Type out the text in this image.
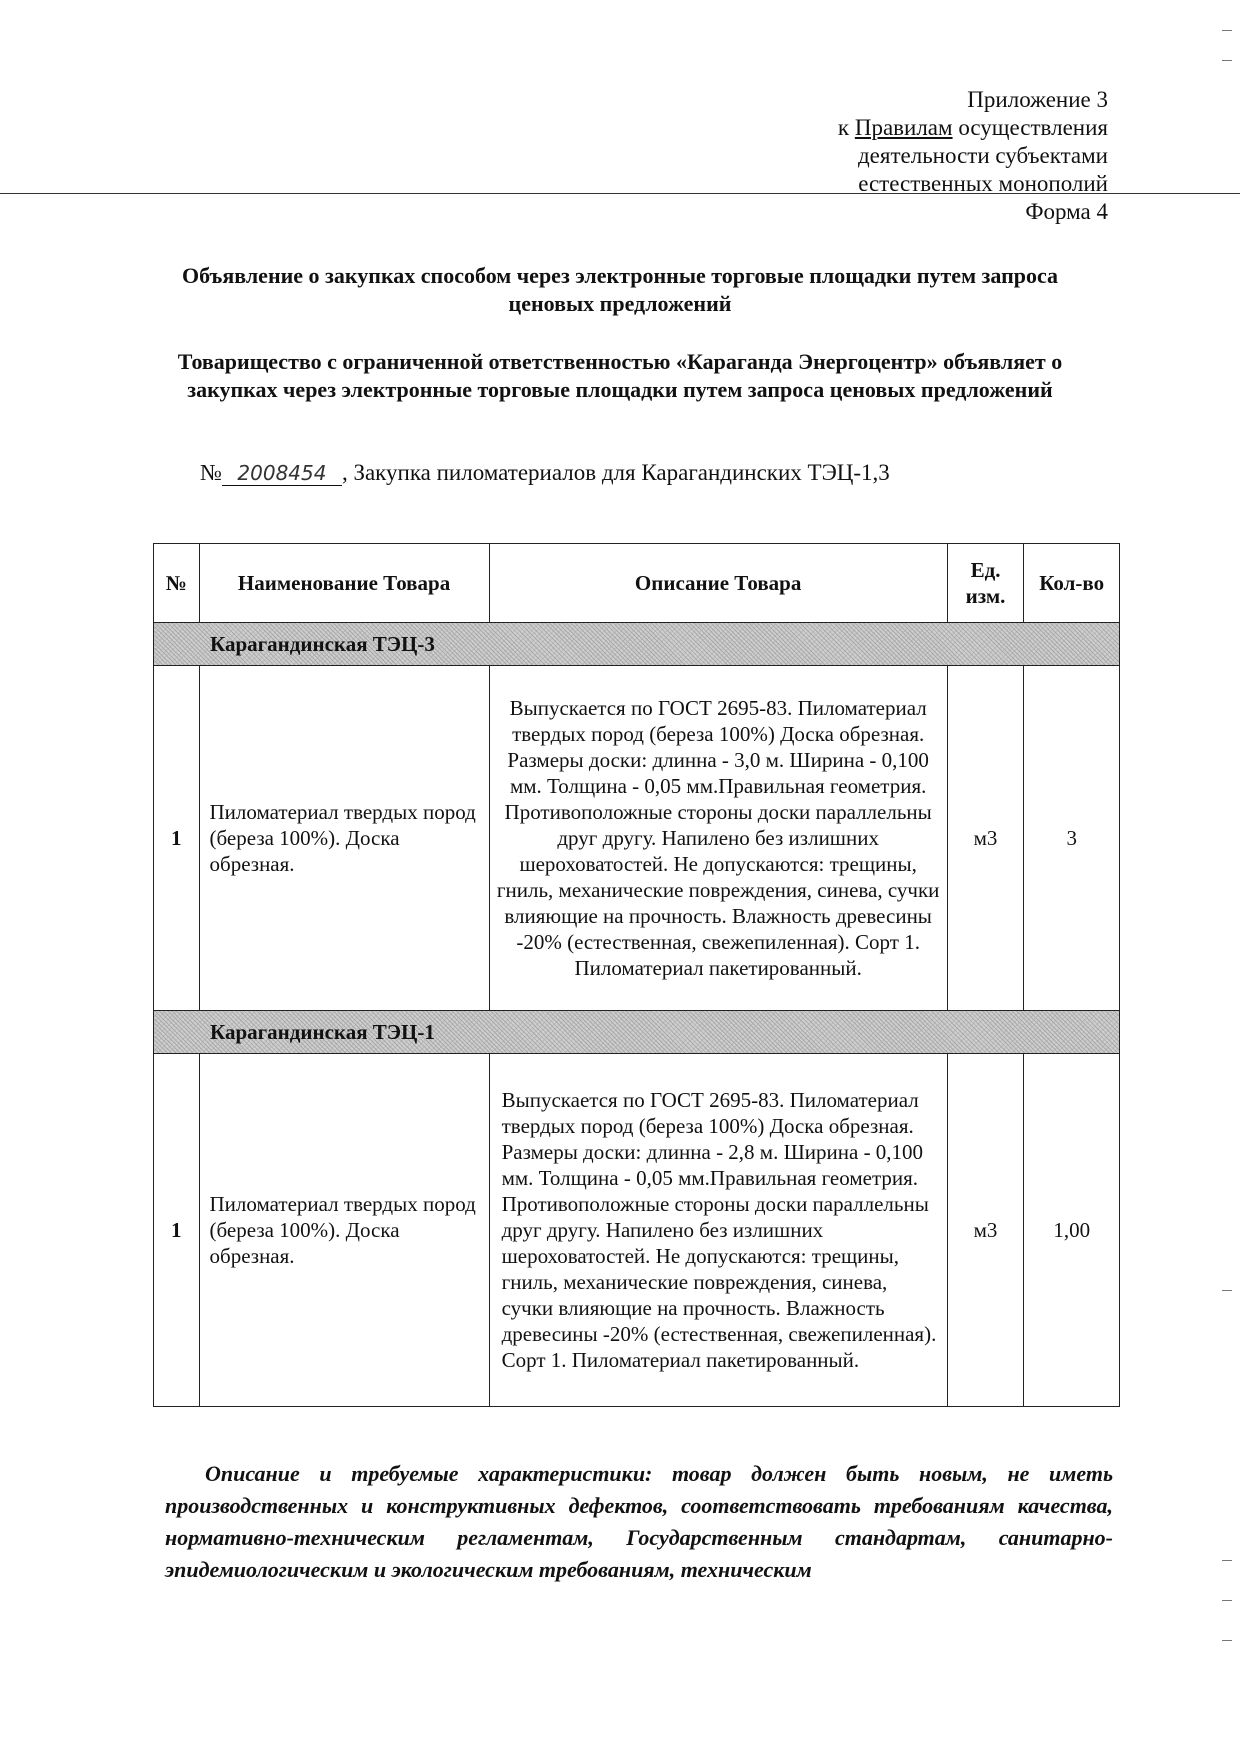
Приложение 3
к Правилам осуществления
деятельности субъектами
естественных монополий
Форма 4
Объявление о закупках способом через электронные торговые площадки путем запроса ценовых предложений
Товарищество с ограниченной ответственностью «Караганда Энергоцентр» объявляет о закупках через электронные торговые площадки путем запроса ценовых предложений
№ 2008454 , Закупка пиломатериалов для Карагандинских ТЭЦ-1,3
№	Наименование Товара	Описание Товара	Ед. изм.	Кол-во
Карагандинская ТЭЦ-3				
1	Пиломатериал твердых пород (береза 100%). Доска обрезная.	Выпускается по ГОСТ 2695-83. Пиломатериал твердых пород (береза 100%) Доска обрезная. Размеры доски: длинна - 3,0 м. Ширина - 0,100 мм. Толщина - 0,05 мм.Правильная геометрия. Противоположные стороны доски параллельны друг другу. Напилено без излишних шероховатостей. Не допускаются: трещины, гниль, механические повреждения, синева, сучки влияющие на прочность. Влажность древесины -20% (естественная, свежепиленная). Сорт 1. Пиломатериал пакетированный.	м3	3
Карагандинская ТЭЦ-1				
1	Пиломатериал твердых пород (береза 100%). Доска обрезная.	Выпускается по ГОСТ 2695-83. Пиломатериал твердых пород (береза 100%) Доска обрезная. Размеры доски: длинна - 2,8 м. Ширина - 0,100 мм. Толщина - 0,05 мм.Правильная геометрия. Противоположные стороны доски параллельны друг другу. Напилено без излишних шероховатостей. Не допускаются: трещины, гниль, механические повреждения, синева, сучки влияющие на прочность. Влажность древесины -20% (естественная, свежепиленная). Сорт 1. Пиломатериал пакетированный.	м3	1,00
Описание и требуемые характеристики: товар должен быть новым, не иметь производственных и конструктивных дефектов, соответствовать требованиям качества, нормативно-техническим регламентам, Государственным стандартам, санитарно-эпидемиологическим и экологическим требованиям, техническим
